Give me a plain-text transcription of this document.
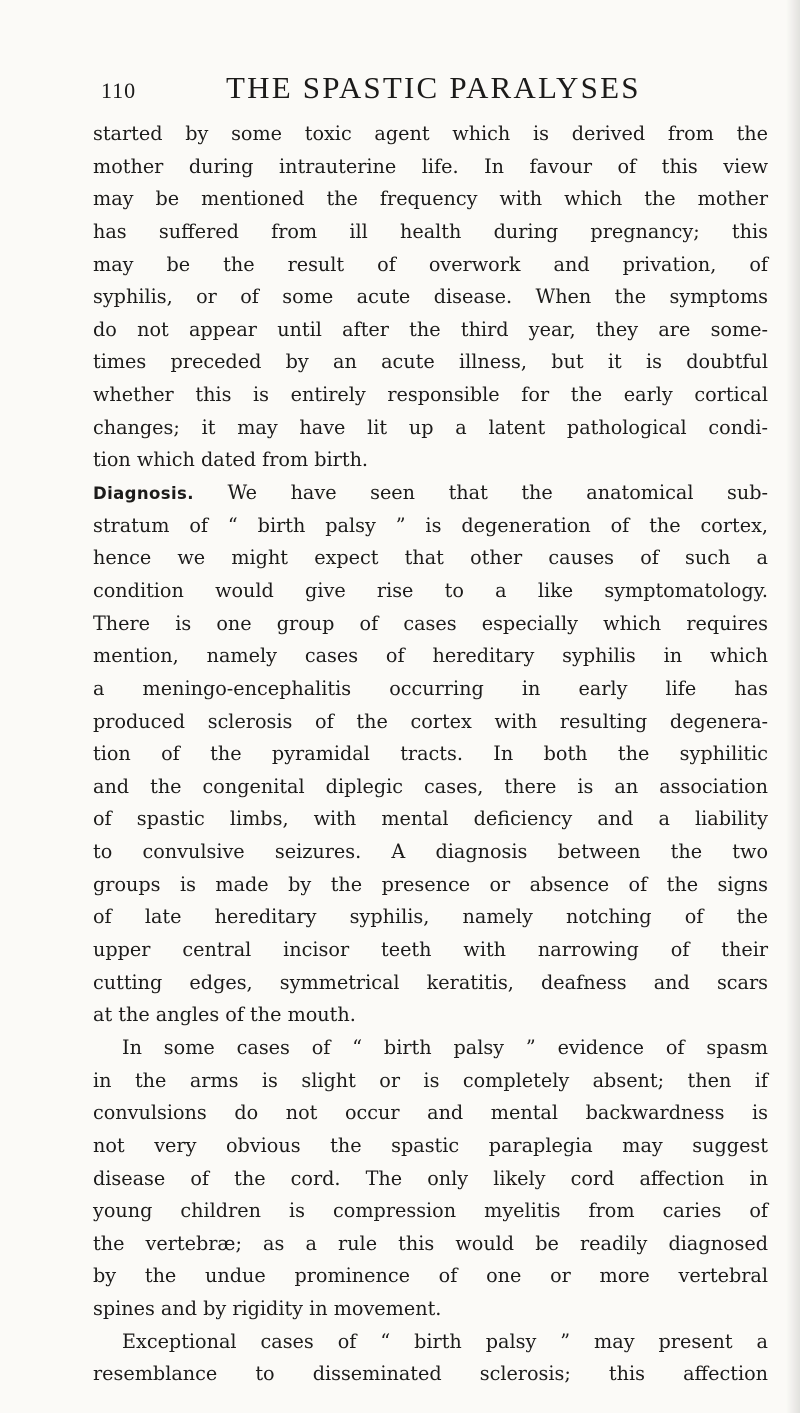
110	THE SPASTIC PARALYSES
started by some toxic agent which is derived from the
mother during intrauterine life. In favour of this view
may be mentioned the frequency with which the mother
has suffered from ill health during pregnancy; this
may be the result of overwork and privation, of
syphilis, or of some acute disease. When the symptoms
do not appear until after the third year, they are some-
times preceded by an acute illness, but it is doubtful
whether this is entirely responsible for the early cortical
changes; it may have lit up a latent pathological condi-
tion which dated from birth.
Diagnosis. We have seen that the anatomical sub-
stratum of “ birth palsy ” is degeneration of the cortex,
hence we might expect that other causes of such a
condition would give rise to a like symptomatology.
There is one group of cases especially which requires
mention, namely cases of hereditary syphilis in which
a meningo-encephalitis occurring in early life has
produced sclerosis of the cortex with resulting degenera-
tion of the pyramidal tracts. In both the syphilitic
and the congenital diplegic cases, there is an association
of spastic limbs, with mental deficiency and a liability
to convulsive seizures. A diagnosis between the two
groups is made by the presence or absence of the signs
of late hereditary syphilis, namely notching of the
upper central incisor teeth with narrowing of their
cutting edges, symmetrical keratitis, deafness and scars
at the angles of the mouth.
In some cases of “ birth palsy ” evidence of spasm
in the arms is slight or is completely absent; then if
convulsions do not occur and mental backwardness is
not very obvious the spastic paraplegia may suggest
disease of the cord. The only likely cord affection in
young children is compression myelitis from caries of
the vertebræ; as a rule this would be readily diagnosed
by the undue prominence of one or more vertebral
spines and by rigidity in movement.
Exceptional cases of “ birth palsy ” may present a
resemblance to disseminated sclerosis; this affection
